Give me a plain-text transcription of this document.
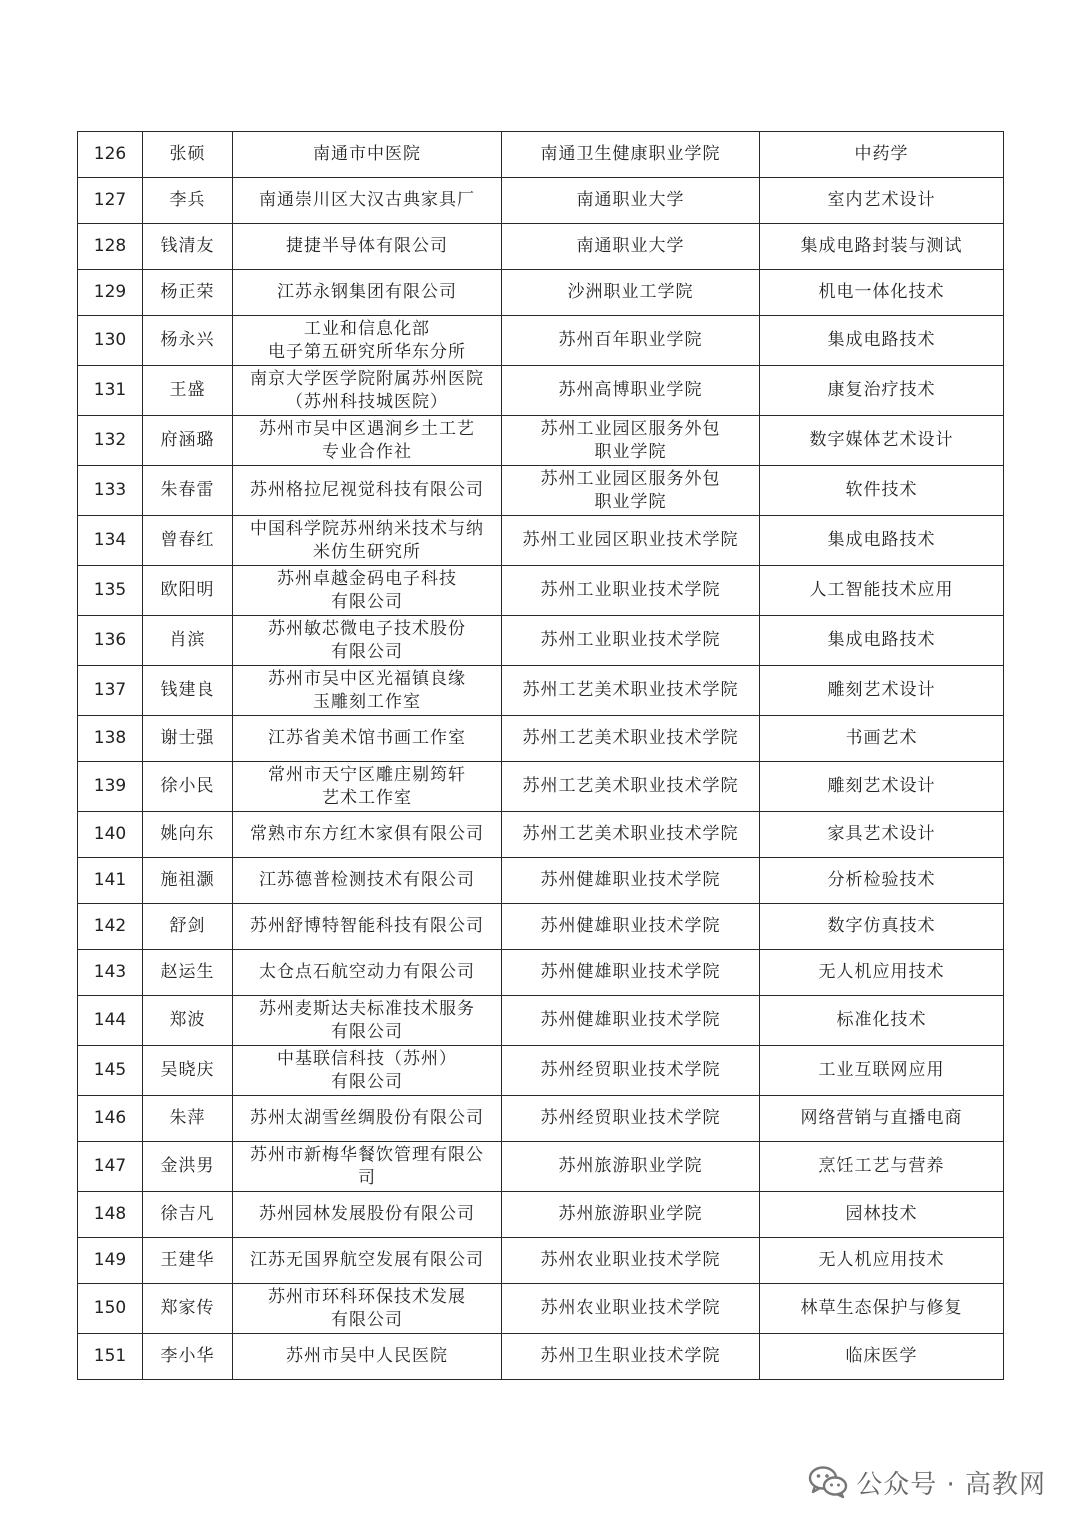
126	张硕	南通市中医院	南通卫生健康职业学院	中药学
127	李兵	南通崇川区大汉古典家具厂	南通职业大学	室内艺术设计
128	钱清友	捷捷半导体有限公司	南通职业大学	集成电路封装与测试
129	杨正荣	江苏永钢集团有限公司	沙洲职业工学院	机电一体化技术
130	杨永兴	工业和信息化部
电子第五研究所华东分所	苏州百年职业学院	集成电路技术
131	王盛	南京大学医学院附属苏州医院
（苏州科技城医院）	苏州高博职业学院	康复治疗技术
132	府涵璐	苏州市吴中区遇涧乡土工艺
专业合作社	苏州工业园区服务外包
职业学院	数字媒体艺术设计
133	朱春雷	苏州格拉尼视觉科技有限公司	苏州工业园区服务外包
职业学院	软件技术
134	曾春红	中国科学院苏州纳米技术与纳
米仿生研究所	苏州工业园区职业技术学院	集成电路技术
135	欧阳明	苏州卓越金码电子科技
有限公司	苏州工业职业技术学院	人工智能技术应用
136	肖滨	苏州敏芯微电子技术股份
有限公司	苏州工业职业技术学院	集成电路技术
137	钱建良	苏州市吴中区光福镇良缘
玉雕刻工作室	苏州工艺美术职业技术学院	雕刻艺术设计
138	谢士强	江苏省美术馆书画工作室	苏州工艺美术职业技术学院	书画艺术
139	徐小民	常州市天宁区雕庄剔筠轩
艺术工作室	苏州工艺美术职业技术学院	雕刻艺术设计
140	姚向东	常熟市东方红木家俱有限公司	苏州工艺美术职业技术学院	家具艺术设计
141	施祖灏	江苏德普检测技术有限公司	苏州健雄职业技术学院	分析检验技术
142	舒剑	苏州舒博特智能科技有限公司	苏州健雄职业技术学院	数字仿真技术
143	赵运生	太仓点石航空动力有限公司	苏州健雄职业技术学院	无人机应用技术
144	郑波	苏州麦斯达夫标准技术服务
有限公司	苏州健雄职业技术学院	标准化技术
145	吴晓庆	中基联信科技（苏州）
有限公司	苏州经贸职业技术学院	工业互联网应用
146	朱萍	苏州太湖雪丝绸股份有限公司	苏州经贸职业技术学院	网络营销与直播电商
147	金洪男	苏州市新梅华餐饮管理有限公
司	苏州旅游职业学院	烹饪工艺与营养
148	徐吉凡	苏州园林发展股份有限公司	苏州旅游职业学院	园林技术
149	王建华	江苏无国界航空发展有限公司	苏州农业职业技术学院	无人机应用技术
150	郑家传	苏州市环科环保技术发展
有限公司	苏州农业职业技术学院	林草生态保护与修复
151	李小华	苏州市吴中人民医院	苏州卫生职业技术学院	临床医学
公众号 · 高教网
